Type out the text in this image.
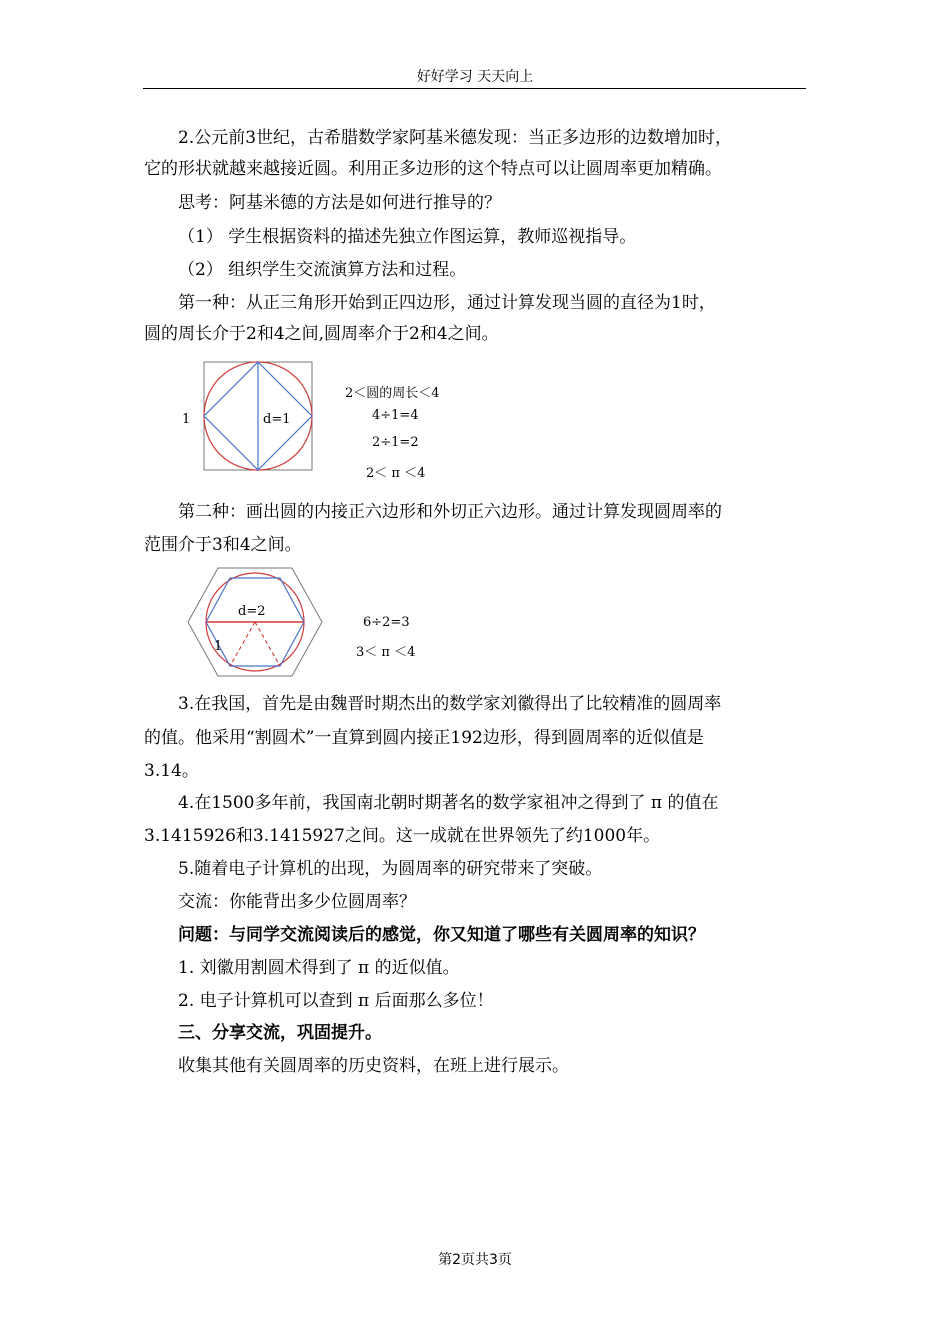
好好学习 天天向上
2.公元前3世纪，古希腊数学家阿基米德发现：当正多边形的边数增加时，
它的形状就越来越接近圆。利用正多边形的这个特点可以让圆周率更加精确。
思考：阿基米德的方法是如何进行推导的？
（1） 学生根据资料的描述先独立作图运算，教师巡视指导。
（2） 组织学生交流演算方法和过程。
第一种：从正三角形开始到正四边形，通过计算发现当圆的直径为1时，
圆的周长介于2和4之间,圆周率介于2和4之间。
1	d=1
2＜圆的周长＜4
4÷1=4
2÷1=2
2＜ π ＜4
第二种：画出圆的内接正六边形和外切正六边形。通过计算发现圆周率的
范围介于3和4之间。
d=2
1
6÷2=3
3＜ π ＜4
3.在我国，首先是由魏晋时期杰出的数学家刘徽得出了比较精准的圆周率
的值。他采用“割圆术”一直算到圆内接正192边形，得到圆周率的近似值是
3.14。
4.在1500多年前，我国南北朝时期著名的数学家祖冲之得到了 π 的值在
3.1415926和3.1415927之间。这一成就在世界领先了约1000年。
5.随着电子计算机的出现，为圆周率的研究带来了突破。
交流：你能背出多少位圆周率？
问题：与同学交流阅读后的感觉，你又知道了哪些有关圆周率的知识？
1. 刘徽用割圆术得到了 π 的近似值。
2. 电子计算机可以查到 π 后面那么多位！
三、分享交流，巩固提升。
收集其他有关圆周率的历史资料，在班上进行展示。
第2页共3页
